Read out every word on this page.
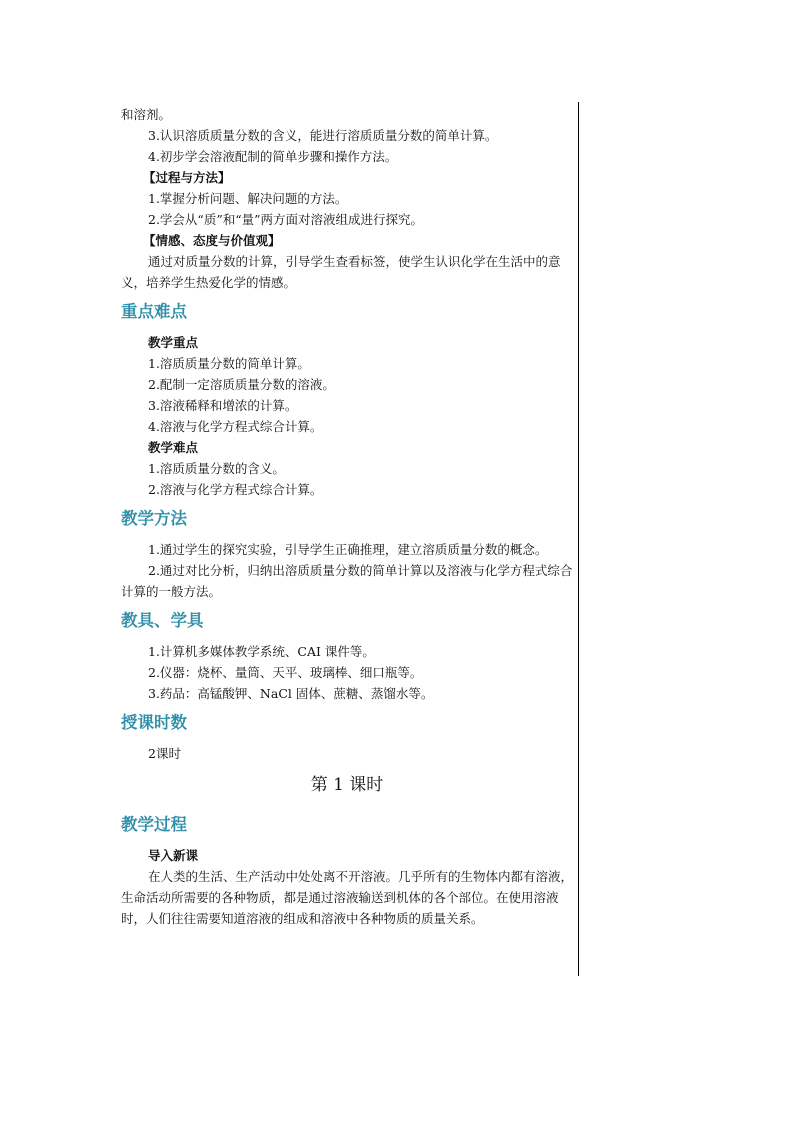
和溶剂。

3.认识溶质质量分数的含义，能进行溶质质量分数的简单计算。

4.初步学会溶液配制的简单步骤和操作方法。

【过程与方法】

1.掌握分析问题、解决问题的方法。

2.学会从“质”和“量”两方面对溶液组成进行探究。

【情感、态度与价值观】

通过对质量分数的计算，引导学生查看标签，使学生认识化学在生活中的意义，培养学生热爱化学的情感。

重点难点

教学重点

1.溶质质量分数的简单计算。

2.配制一定溶质质量分数的溶液。

3.溶液稀释和增浓的计算。

4.溶液与化学方程式综合计算。

教学难点

1.溶质质量分数的含义。

2.溶液与化学方程式综合计算。

教学方法

1.通过学生的探究实验，引导学生正确推理，建立溶质质量分数的概念。

2.通过对比分析，归纳出溶质质量分数的简单计算以及溶液与化学方程式综合计算的一般方法。

教具、学具

1.计算机多媒体教学系统、CAI 课件等。

2.仪器：烧杯、量筒、天平、玻璃棒、细口瓶等。

3.药品：高锰酸钾、NaCl 固体、蔗糖、蒸馏水等。

授课时数

2课时

第 1 课时
教学过程

导入新课

在人类的生活、生产活动中处处离不开溶液。几乎所有的生物体内都有溶液，生命活动所需要的各种物质，都是通过溶液输送到机体的各个部位。在使用溶液时，人们往往需要知道溶液的组成和溶液中各种物质的质量关系。
